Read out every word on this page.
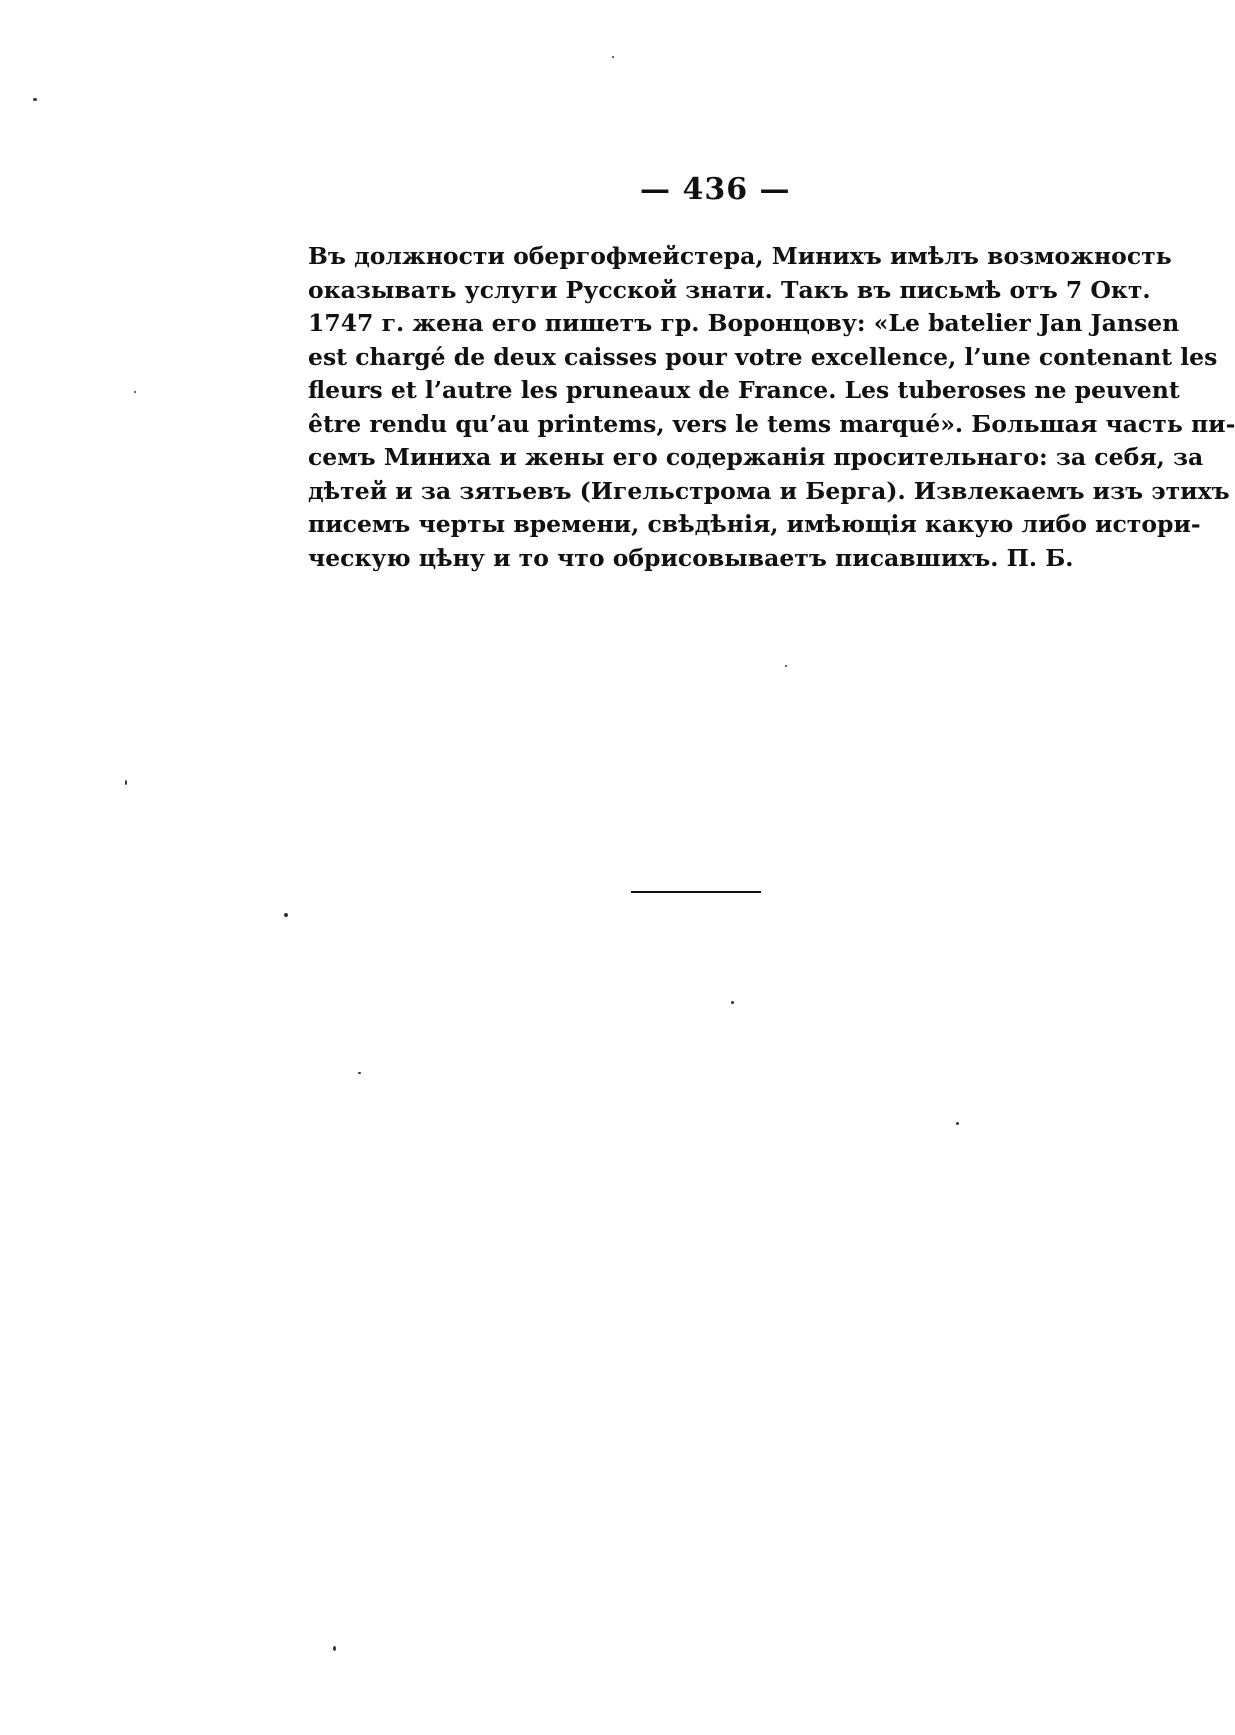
— 436 —
Въ должности обергофмейстера, Минихъ имѣлъ возможность
оказывать услуги Русской знати. Такъ въ письмѣ отъ 7 Окт.
1747 г. жена его пишетъ гр. Воронцову: «Le batelier Jan Jansen
est chargé de deux caisses pour votre excellence, l’une contenant les
fleurs et l’autre les pruneaux de France. Les tuberoses ne peuvent
être rendu qu’au printems, vers le tems marqué». Большая часть пи-
семъ Миниха и жены его содержанія просительнаго: за себя, за
дѣтей и за зятьевъ (Игельстрома и Берга). Извлекаемъ изъ этихъ
писемъ черты времени, свѣдѣнія, имѣющія какую либо истори-
ческую цѣну и то что обрисовываетъ писавшихъ. П. Б.
